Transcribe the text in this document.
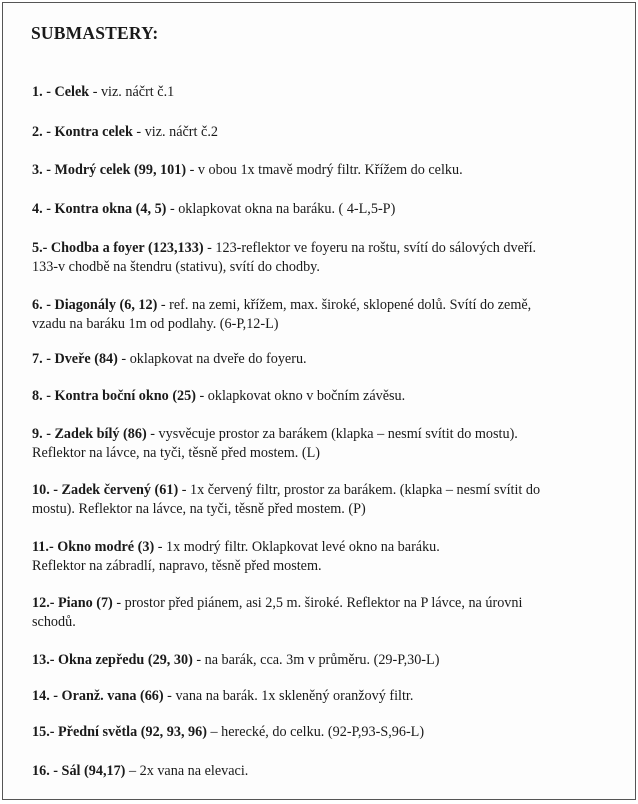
SUBMASTERY:
1. - Celek - viz. náčrt č.1
2. - Kontra celek - viz. náčrt č.2
3. - Modrý celek (99, 101) - v obou 1x tmavě modrý filtr. Křížem do celku.
4. - Kontra okna (4, 5) - oklapkovat okna na baráku. ( 4-L,5-P)
5.- Chodba a foyer (123,133) - 123-reflektor ve foyeru na roštu, svítí do sálových dveří.
133-v chodbě na štendru (stativu), svítí do chodby.
6. - Diagonály (6, 12) - ref. na zemi, křížem, max. široké, sklopené dolů. Svítí do země,
vzadu na baráku 1m od podlahy. (6-P,12-L)
7. - Dveře (84) - oklapkovat na dveře do foyeru.
8. - Kontra boční okno (25) - oklapkovat okno v bočním závěsu.
9. - Zadek bílý (86) - vysvěcuje prostor za barákem (klapka – nesmí svítit do mostu).
Reflektor na lávce, na tyči, těsně před mostem. (L)
10. - Zadek červený (61) - 1x červený filtr, prostor za barákem. (klapka – nesmí svítit do
mostu). Reflektor na lávce, na tyči, těsně před mostem. (P)
11.- Okno modré (3) - 1x modrý filtr. Oklapkovat levé okno na baráku.
Reflektor na zábradlí, napravo, těsně před mostem.
12.- Piano (7) - prostor před piánem, asi 2,5 m. široké. Reflektor na P lávce, na úrovni
schodů.
13.- Okna zepředu (29, 30) - na barák, cca. 3m v průměru. (29-P,30-L)
14. - Oranž. vana (66) - vana na barák. 1x skleněný oranžový filtr.
15.- Přední světla (92, 93, 96) – herecké, do celku. (92-P,93-S,96-L)
16. - Sál (94,17) – 2x vana na elevaci.
